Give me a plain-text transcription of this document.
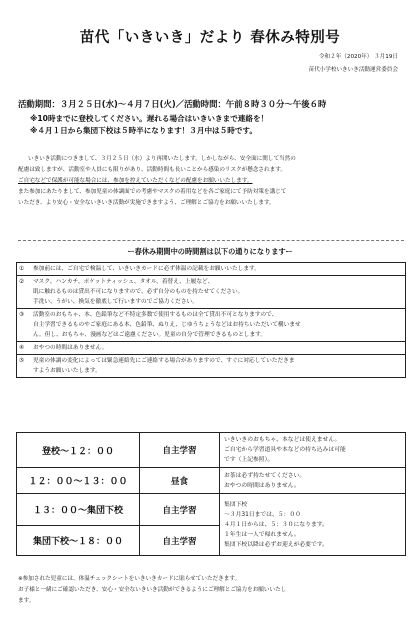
苗代「いきいき」だより 春休み特別号
令和２年（2020年） ３月19日
苗代小学校いきいき活動運営委員会
活動期間：３月２５日(水)～４月７日(火)／活動時間：午前８時３０分～午後６時
※10時までに登校してください。遅れる場合はいきいきまで連絡を！
※４月１日から集団下校は５時半になります！３月中は５時です。

いきいき活動につきまして、３月２５日（水）より再開いたします。しかしながら、安全面に関して当然の

配慮は致しますが、活動室や人員にも限りがあり、活動時間も長いことから感染のリスクが懸念されます。

ご自宅などで保護が可能な場合には、参加を控えていただくなどの配慮をお願いいたします。

また参加にあたりまして、参加児童の体調面での考慮やマスクの着用などを各ご家庭にて予防対策を講じて

いただき、より安心・安全ないきいき活動が実施できますよう、ご理解とご協力をお願いいたします。

ー春休み期間中の時間割は以下の通りになりますー
①	参加前には、ご自宅で検温して、いきいきカードに必ず体温の記載をお願いいたします。
②	マスク、ハンカチ、ポケットティッシュ、タオル、着替え、上履など、
肌に触れるものは貸出不可になりますので、必ず自分のものを持たせてください。
手洗い、うがい、換気を徹底して行いますのでご協力ください。
③	活動室のおもちゃ、本、色鉛筆など不特定多数で使用するものは全て貸出不可となりますので、
自主学習できるものやご家庭にある本、色鉛筆、ぬりえ、じゆうちょうなどはお持ちいただいて構いませ
ん。但し、おもちゃ、漫画などはご遠慮ください。児童の自分で管理できるものとします。
④	おやつの時間はありません。
⑤	児童の体調の変化によっては緊急連絡先にご連絡する場合がありますので、すぐに対応していただきま
すようお願いいたします。
登校～１２：００	自主学習	いきいきのおもちゃ、本などは使えません。
ご自宅から学習道具や本などの持ち込みは可能
です（上記参照）。

１２：００～１３：００	昼食	お茶は必ず持たせてください。
おやつの時間はありません。

１３：００～集団下校	自主学習	集団下校
～３月31日までは、５：００
４月１日からは、５：３０になります。
１年生は一人で帰れません。
集団下校以降は必ずお迎えが必要です。

集団下校～１８：００	自主学習	
※参加された児童には、体温チェックシートをいきいきカードに貼らせていただきます。
お子様と一緒にご確認いただき、安心・安全ないきいき活動ができるようにご理解とご協力をお願いいたし
ます。
